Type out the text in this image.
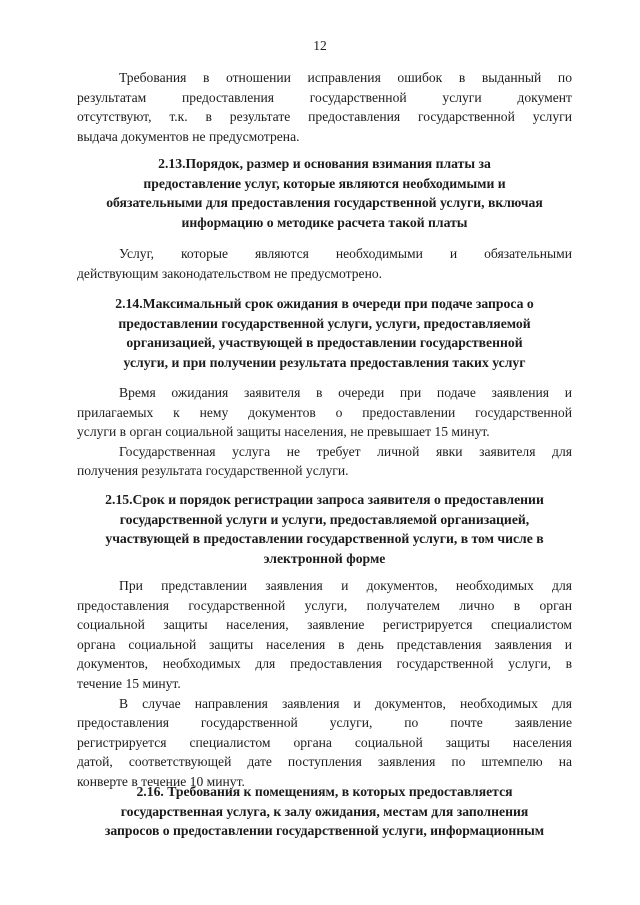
12
Требования в отношении исправления ошибок в выданный по
результатам предоставления государственной услуги документ
отсутствуют, т.к. в результате предоставления государственной услуги
выдача документов не предусмотрена.
2.13.Порядок, размер и основания взимания платы за
предоставление услуг, которые являются необходимыми и
обязательными для предоставления государственной услуги, включая
информацию о методике расчета такой платы
Услуг, которые являются необходимыми и обязательными
действующим законодательством не предусмотрено.
2.14.Максимальный срок ожидания в очереди при подаче запроса о
предоставлении государственной услуги, услуги, предоставляемой
организацией, участвующей в предоставлении государственной
услуги, и при получении результата предоставления таких услуг
Время ожидания заявителя в очереди при подаче заявления и
прилагаемых к нему документов о предоставлении государственной
услуги в орган социальной защиты населения, не превышает 15 минут.
Государственная услуга не требует личной явки заявителя для
получения результата государственной услуги.
2.15.Срок и порядок регистрации запроса заявителя о предоставлении
государственной услуги и услуги, предоставляемой организацией,
участвующей в предоставлении государственной услуги, в том числе в
электронной форме
При представлении заявления и документов, необходимых для
предоставления государственной услуги, получателем лично в орган
социальной защиты населения, заявление регистрируется специалистом
органа социальной защиты населения в день представления заявления и
документов, необходимых для предоставления государственной услуги, в
течение 15 минут.
В случае направления заявления и документов, необходимых для
предоставления государственной услуги, по почте заявление
регистрируется специалистом органа социальной защиты населения
датой, соответствующей дате поступления заявления по штемпелю на
конверте в течение 10 минут.
2.16. Требования к помещениям, в которых предоставляется
государственная услуга, к залу ожидания, местам для заполнения
запросов о предоставлении государственной услуги, информационным
